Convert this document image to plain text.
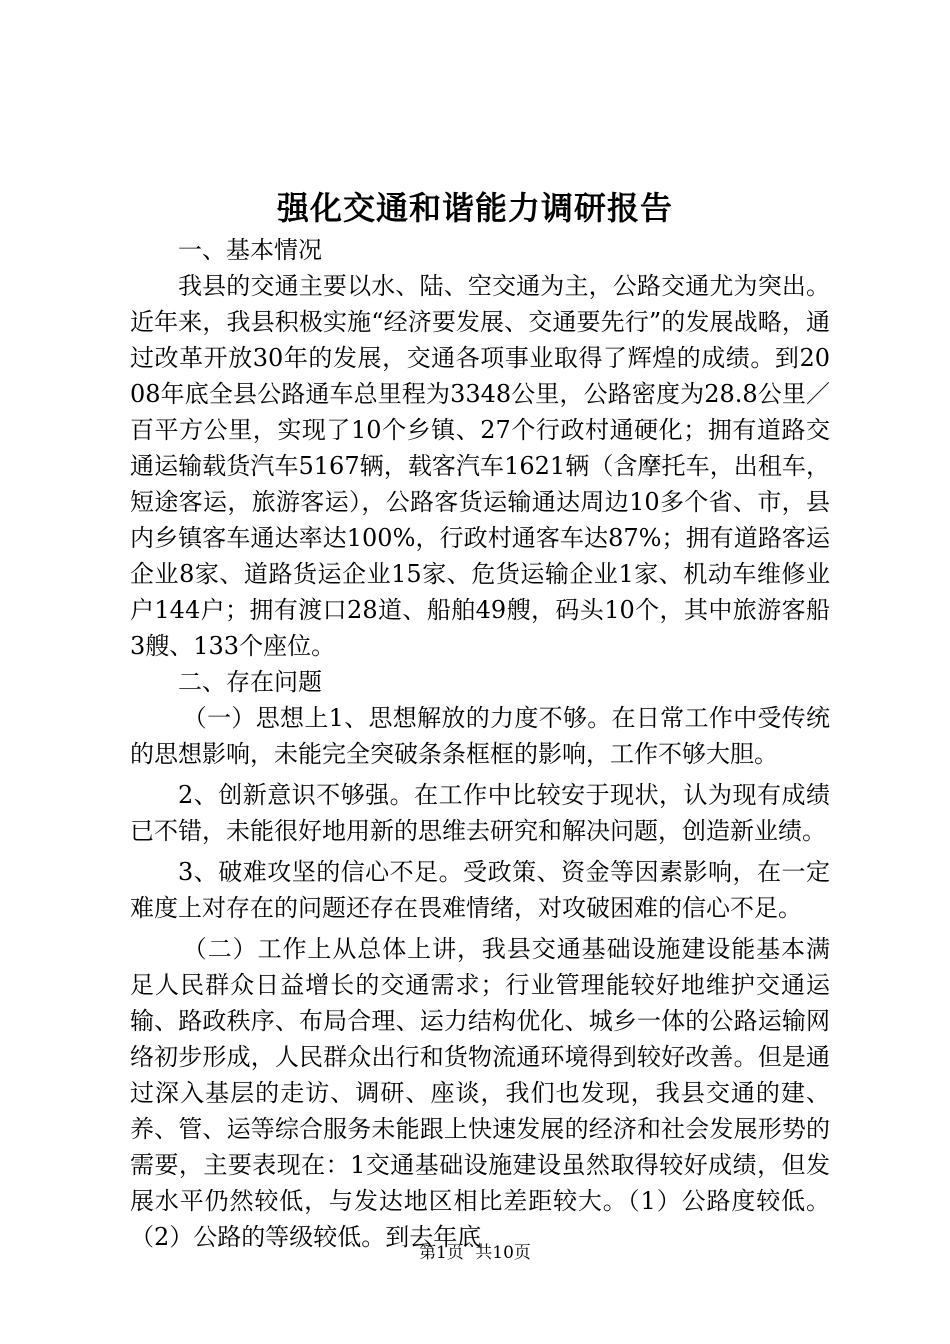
强化交通和谐能力调研报告

一、基本情况

我县的交通主要以水、陆、空交通为主，公路交通尤为突出。近年来，我县积极实施“经济要发展、交通要先行”的发展战略，通过改革开放30年的发展，交通各项事业取得了辉煌的成绩。到2008年底全县公路通车总里程为3348公里，公路密度为28.8公里／百平方公里，实现了10个乡镇、27个行政村通硬化；拥有道路交通运输载货汽车5167辆，载客汽车1621辆（含摩托车，出租车，短途客运，旅游客运），公路客货运输通达周边10多个省、市，县内乡镇客车通达率达100%，行政村通客车达87%；拥有道路客运企业8家、道路货运企业15家、危货运输企业1家、机动车维修业户144户；拥有渡口28道、船舶49艘，码头10个，其中旅游客船3艘、133个座位。

二、存在问题

（一）思想上1、思想解放的力度不够。在日常工作中受传统的思想影响，未能完全突破条条框框的影响，工作不够大胆。

2、创新意识不够强。在工作中比较安于现状，认为现有成绩已不错，未能很好地用新的思维去研究和解决问题，创造新业绩。

3、破难攻坚的信心不足。受政策、资金等因素影响，在一定难度上对存在的问题还存在畏难情绪，对攻破困难的信心不足。

（二）工作上从总体上讲，我县交通基础设施建设能基本满足人民群众日益增长的交通需求；行业管理能较好地维护交通运输、路政秩序、布局合理、运力结构优化、城乡一体的公路运输网络初步形成，人民群众出行和货物流通环境得到较好改善。但是通过深入基层的走访、调研、座谈，我们也发现，我县交通的建、养、管、运等综合服务未能跟上快速发展的经济和社会发展形势的需要，主要表现在：1交通基础设施建设虽然取得较好成绩，但发展水平仍然较低，与发达地区相比差距较大。（1）公路度较低。（2）公路的等级较低。到去年底

第1页 共10页
